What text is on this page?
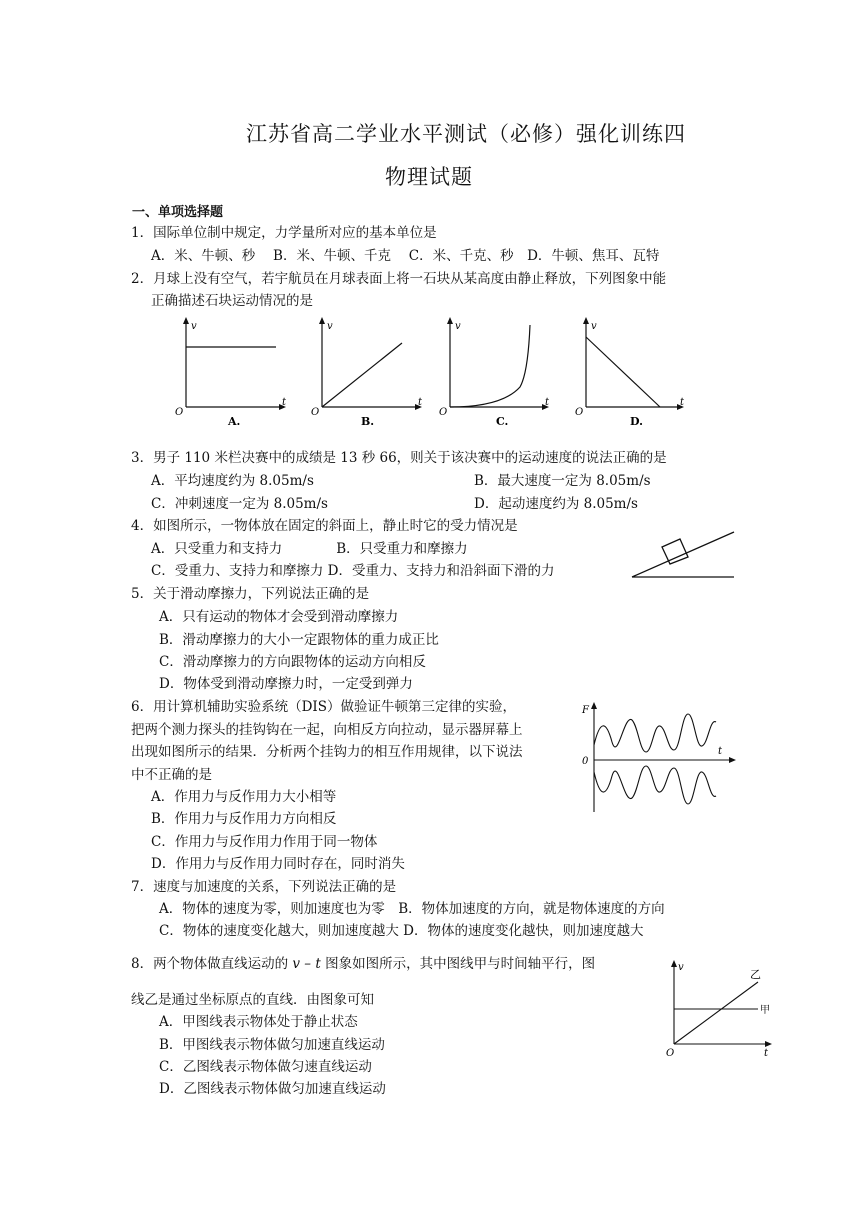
江苏省高二学业水平测试（必修）强化训练四
物理试题
一、单项选择题
1．国际单位制中规定，力学量所对应的基本单位是
A．米、牛顿、秒　 B．米、牛顿、千克　 C．米、千克、秒　D．牛顿、焦耳、瓦特
2．月球上没有空气，若宇航员在月球表面上将一石块从某高度由静止释放，下列图象中能
正确描述石块运动情况的是
v
t
O
A.
v
t
O
B.
v
t
O
C.
v
t
O
D.
3．男子 110 米栏决赛中的成绩是 13 秒 66，则关于该决赛中的运动速度的说法正确的是
A．平均速度约为 8.05m/s	B．最大速度一定为 8.05m/s
C．冲刺速度一定为 8.05m/s	D．起动速度约为 8.05m/s
4．如图所示，一物体放在固定的斜面上，静止时它的受力情况是
A．只受重力和支持力　　　　B．只受重力和摩擦力
C．受重力、支持力和摩擦力 D．受重力、支持力和沿斜面下滑的力
5．关于滑动摩擦力，下列说法正确的是
A．只有运动的物体才会受到滑动摩擦力
B．滑动摩擦力的大小一定跟物体的重力成正比
C．滑动摩擦力的方向跟物体的运动方向相反
D．物体受到滑动摩擦力时，一定受到弹力
6．用计算机辅助实验系统（DIS）做验证牛顿第三定律的实验，
把两个测力探头的挂钩钩在一起，向相反方向拉动，显示器屏幕上
出现如图所示的结果．分析两个挂钩力的相互作用规律，以下说法
中不正确的是
A．作用力与反作用力大小相等
B．作用力与反作用力方向相反
C．作用力与反作用力作用于同一物体
D．作用力与反作用力同时存在，同时消失
F
t
0
7．速度与加速度的关系，下列说法正确的是
A．物体的速度为零，则加速度也为零　B．物体加速度的方向，就是物体速度的方向
C．物体的速度变化越大，则加速度越大 D．物体的速度变化越快，则加速度越大
8．两个物体做直线运动的 v – t 图象如图所示，其中图线甲与时间轴平行，图
线乙是通过坐标原点的直线．由图象可知
A．甲图线表示物体处于静止状态
B．甲图线表示物体做匀加速直线运动
C．乙图线表示物体做匀速直线运动
D．乙图线表示物体做匀加速直线运动
v
t
O
乙
甲
